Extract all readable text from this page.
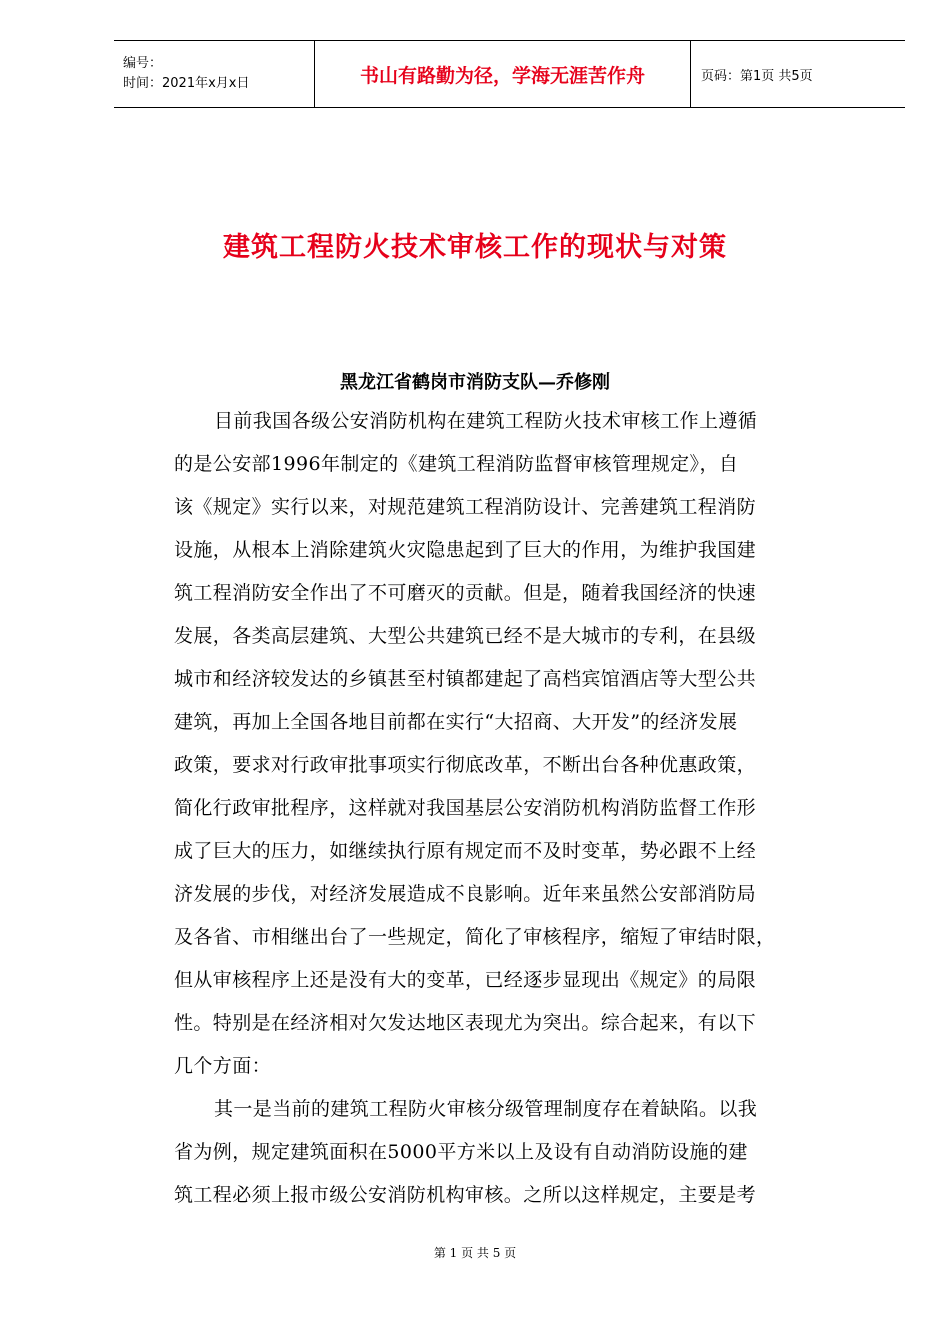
编号：
时间：2021年x月x日	书山有路勤为径，学海无涯苦作舟	页码：第1页 共5页
建筑工程防火技术审核工作的现状与对策
黑龙江省鹤岗市消防支队—乔修刚
目前我国各级公安消防机构在建筑工程防火技术审核工作上遵循
的是公安部1996年制定的《建筑工程消防监督审核管理规定》，自
该《规定》实行以来，对规范建筑工程消防设计、完善建筑工程消防
设施，从根本上消除建筑火灾隐患起到了巨大的作用，为维护我国建
筑工程消防安全作出了不可磨灭的贡献。但是，随着我国经济的快速
发展，各类高层建筑、大型公共建筑已经不是大城市的专利，在县级
城市和经济较发达的乡镇甚至村镇都建起了高档宾馆酒店等大型公共
建筑，再加上全国各地目前都在实行“大招商、大开发”的经济发展
政策，要求对行政审批事项实行彻底改革，不断出台各种优惠政策，
简化行政审批程序，这样就对我国基层公安消防机构消防监督工作形
成了巨大的压力，如继续执行原有规定而不及时变革，势必跟不上经
济发展的步伐，对经济发展造成不良影响。近年来虽然公安部消防局
及各省、市相继出台了一些规定，简化了审核程序，缩短了审结时限，
但从审核程序上还是没有大的变革，已经逐步显现出《规定》的局限
性。特别是在经济相对欠发达地区表现尤为突出。综合起来，有以下
几个方面：
其一是当前的建筑工程防火审核分级管理制度存在着缺陷。以我
省为例，规定建筑面积在5000平方米以上及设有自动消防设施的建
筑工程必须上报市级公安消防机构审核。之所以这样规定，主要是考
第 1 页 共 5 页
